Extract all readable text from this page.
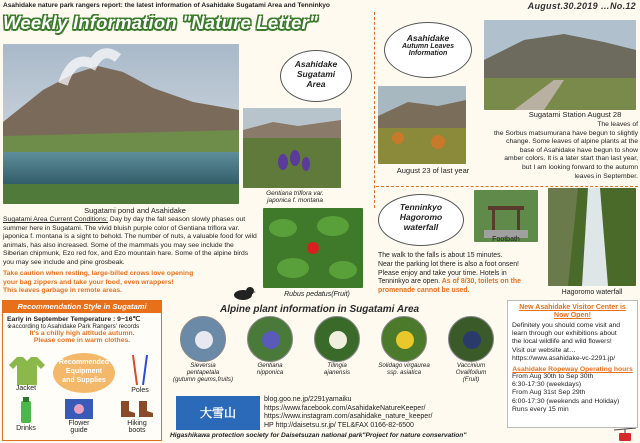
Asahidake nature park rangers report: the latest information of Asahidake Sugatami Area and Tenninkyo	August.30.2019 …No.12
Weekly Information "Nature Letter"
Sugatami pond and Asahidake
Asahidake
Sugatami
Area
Gentiana triflora var.
japonica f. montana
Sugatami Area Current Conditions: Day by day the fall season slowly phases out summer here in Sugatami. The vivid bluish purple color of Gentiana triflora var. japonica f. montana is a sight to behold. The number of nuts, a valuable food for wild animals, has also increased. Some of the mammals you may see include the Siberian chipmunk, Ezo red fox, and Ezo mountain hare. Some of the alpine birds you may see include and pine grosbeak.
Take caution when resting, large-billed crows love opening
your bag zippers and take your food, even wrappers!
This leaves garbage in remote areas.
Rubus pedatus(Fruit)
Asahidake
Autumn Leaves
Information
Sugatami Station August 28
August 23 of last year
The leaves of
the Sorbus matsumurana have begun to slightly
change. Some leaves of alpine plants at the
base of Asahidake have begun to show
amber colors. It is a later start than last year,
but I am looking forward to the autumn
leaves in September.
Tenninkyo
Hagoromo
waterfall
Footbath
Hagoromo waterfall
The walk to the falls is about 15 minutes.
Near the parking lot there is also a foot onsen!
Please enjoy and take your time. Hotels in
Tenninkyo are open. As of 8/30, toilets on the
promenade cannot be used.
Recommendation Style in Sugatami
Early in September Temperature : 9~16℃
※according to Asahidake Park Rangers' records
It's a chilly high altitude autumn.
Please come in warm clothes.
Recommended
Equipment
and Supplies
Jacket	Poles
Drinks
Flower
guide
Hiking
boots
Alpine plant information in Sugatami Area
Sieversia
pentapetala
(gutumn geums,fruits)
Gentiana
nipponica
Tilingia
ajanensis
Solidago virgaurea
ssp. asiatica
Vaccinium
Ovalifolium
(Fruit)
大雪山
blog.goo.ne.jp/2291yamaiku
https://www.facebook.com/AsahidakeNatureKeeper/
https://www.instagram.com/asahidake_nature_keeper/
HP http://daisetsu.sr.jp/ TEL&FAX 0166-82-6500
Higashikawa protection society for Daisetsuzan national park"Project for nature conservation"
New Asahidake Visitor Center is
Now Open!
Definitely you should come visit and
learn through our exhibitions about
the local wildlife and wild flowers!
Visit our website at…
https://www.asahidake-vc-2291.jp/
Asahidake Ropeway Operating hours
From Aug 30th to Sep 30th
6:30-17:30 (weekdays)
From Aug 31st Sep 29th
6:00-17:30 (weekends and Holiday)
Runs every 15 min
